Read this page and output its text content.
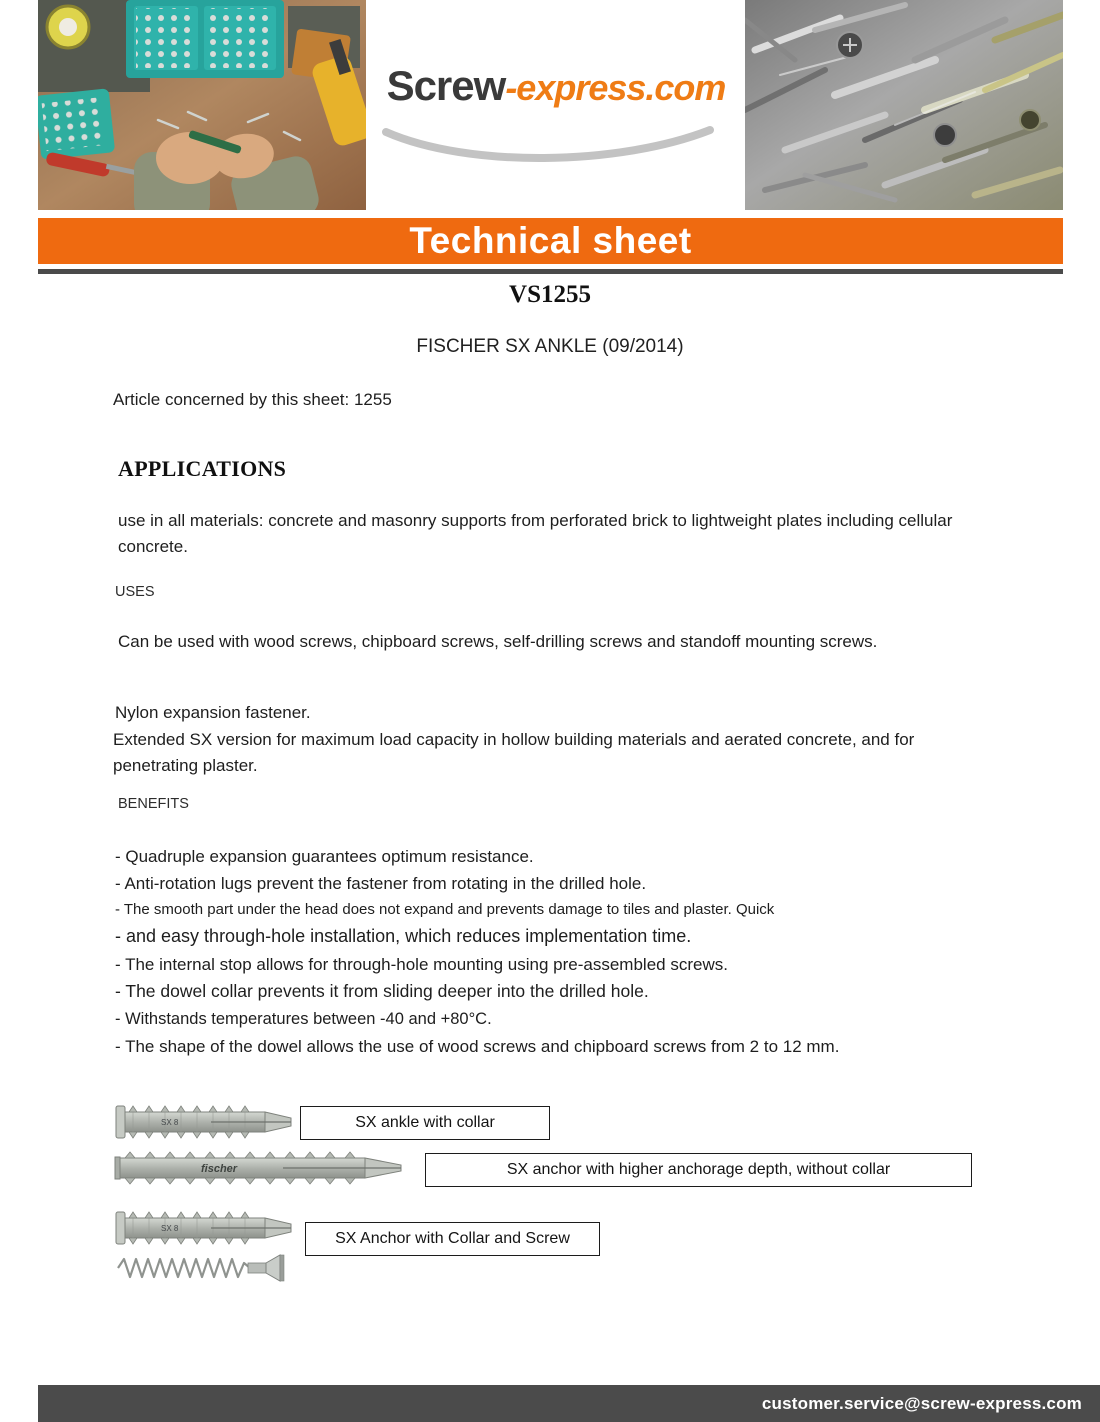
Screw-express.com
Technical sheet
VS1255
FISCHER SX ANKLE (09/2014)
Article concerned by this sheet: 1255
APPLICATIONS
use in all materials: concrete and masonry supports from perforated brick to lightweight plates including cellular concrete.
USES
Can be used with wood screws, chipboard screws, self-drilling screws and standoff mounting screws.
Nylon expansion fastener.
Extended SX version for maximum load capacity in hollow building materials and aerated concrete, and for penetrating plaster.
BENEFITS
- Quadruple expansion guarantees optimum resistance.
- Anti-rotation lugs prevent the fastener from rotating in the drilled hole.
- The smooth part under the head does not expand and prevents damage to tiles and plaster. Quick
- and easy through-hole installation, which reduces implementation time.
- The internal stop allows for through-hole mounting using pre-assembled screws.
- The dowel collar prevents it from sliding deeper into the drilled hole.
- Withstands temperatures between -40 and +80°C.
- The shape of the dowel allows the use of wood screws and chipboard screws from 2 to 12 mm.
SX 8	SX ankle with collar
fischer	SX anchor with higher anchorage depth, without collar
SX 8
SX Anchor with Collar and Screw
customer.service@screw-express.com
